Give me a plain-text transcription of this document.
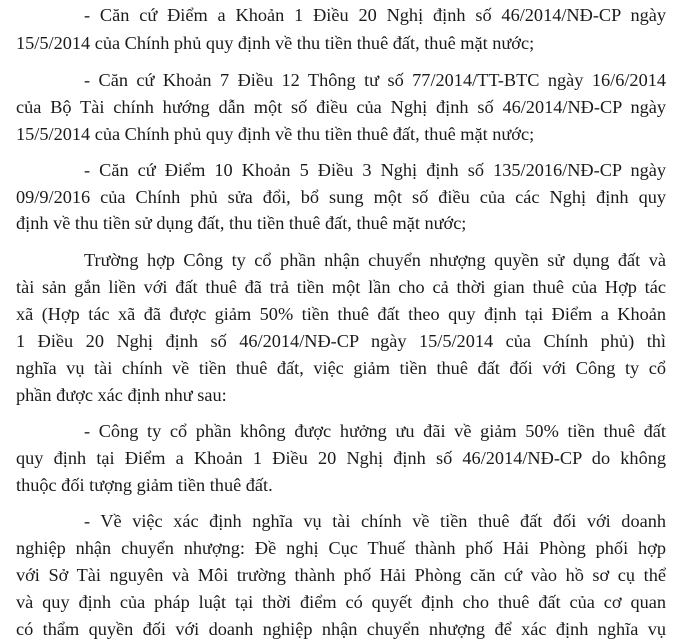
- Căn cứ Điểm a Khoản 1 Điều 20 Nghị định số 46/2014/NĐ-CP ngày
15/5/2014 của Chính phủ quy định về thu tiền thuê đất, thuê mặt nước;
- Căn cứ Khoản 7 Điều 12 Thông tư số 77/2014/TT-BTC ngày 16/6/2014
của Bộ Tài chính hướng dẫn một số điều của Nghị định số 46/2014/NĐ-CP ngày
15/5/2014 của Chính phủ quy định về thu tiền thuê đất, thuê mặt nước;
- Căn cứ Điểm 10 Khoản 5 Điều 3 Nghị định số 135/2016/NĐ-CP ngày
09/9/2016 của Chính phủ sửa đổi, bổ sung một số điều của các Nghị định quy
định về thu tiền sử dụng đất, thu tiền thuê đất, thuê mặt nước;
Trường hợp Công ty cổ phần nhận chuyển nhượng quyền sử dụng đất và
tài sản gắn liền với đất thuê đã trả tiền một lần cho cả thời gian thuê của Hợp tác
xã (Hợp tác xã đã được giảm 50% tiền thuê đất theo quy định tại Điểm a Khoản
1 Điều 20 Nghị định số 46/2014/NĐ-CP ngày 15/5/2014 của Chính phủ) thì
nghĩa vụ tài chính về tiền thuê đất, việc giảm tiền thuê đất đối với Công ty cổ
phần được xác định như sau:
- Công ty cổ phần không được hưởng ưu đãi về giảm 50% tiền thuê đất
quy định tại Điểm a Khoản 1 Điều 20 Nghị định số 46/2014/NĐ-CP do không
thuộc đối tượng giảm tiền thuê đất.
- Về việc xác định nghĩa vụ tài chính về tiền thuê đất đối với doanh
nghiệp nhận chuyển nhượng: Đề nghị Cục Thuế thành phố Hải Phòng phối hợp
với Sở Tài nguyên và Môi trường thành phố Hải Phòng căn cứ vào hồ sơ cụ thể
và quy định của pháp luật tại thời điểm có quyết định cho thuê đất của cơ quan
có thẩm quyền đối với doanh nghiệp nhận chuyển nhượng để xác định nghĩa vụ
